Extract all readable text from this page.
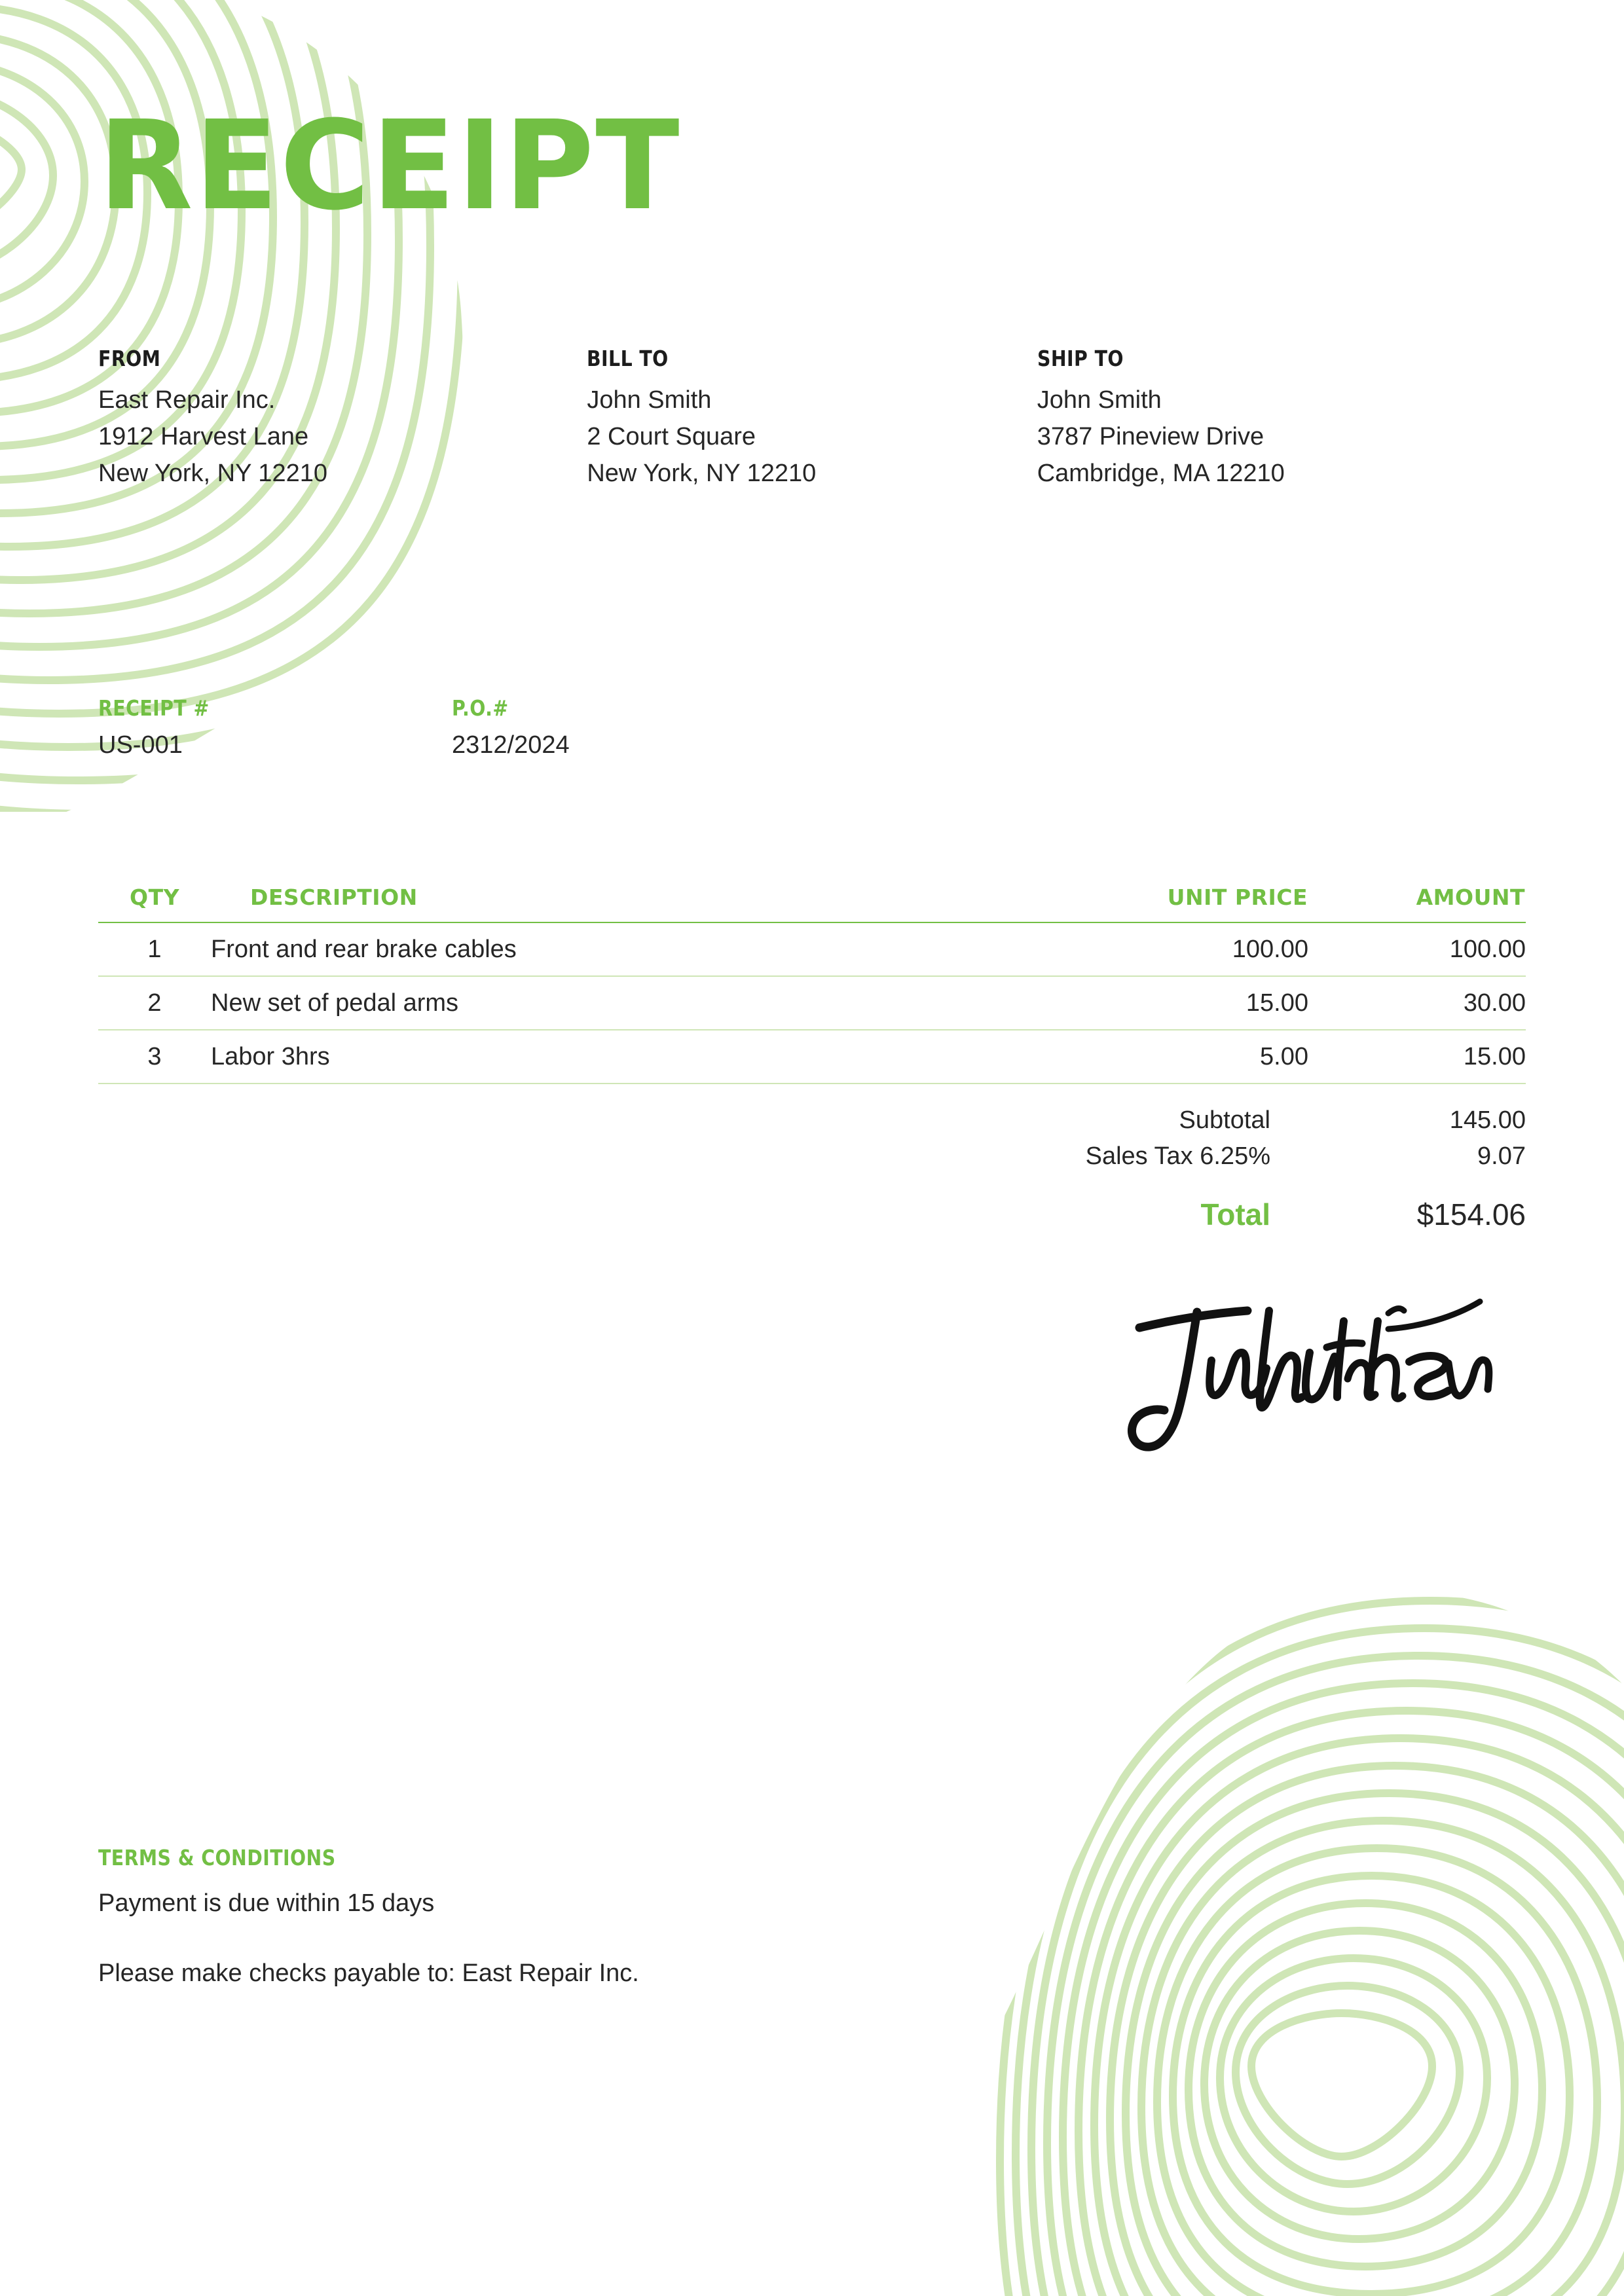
RECEIPT
FROM
East Repair Inc.
1912 Harvest Lane
New York, NY 12210
BILL TO
John Smith
2 Court Square
New York, NY 12210
SHIP TO
John Smith
3787 Pineview Drive
Cambridge, MA 12210
RECEIPT #
US-001
P.O.#
2312/2024
QTY	DESCRIPTION	UNIT PRICE	AMOUNT
1	Front and rear brake cables	100.00	100.00
2	New set of pedal arms	15.00	30.00
3	Labor 3hrs	5.00	15.00
Subtotal	145.00
Sales Tax 6.25%	9.07
Total	$154.06
TERMS & CONDITIONS
Payment is due within 15 days
Please make checks payable to: East Repair Inc.
